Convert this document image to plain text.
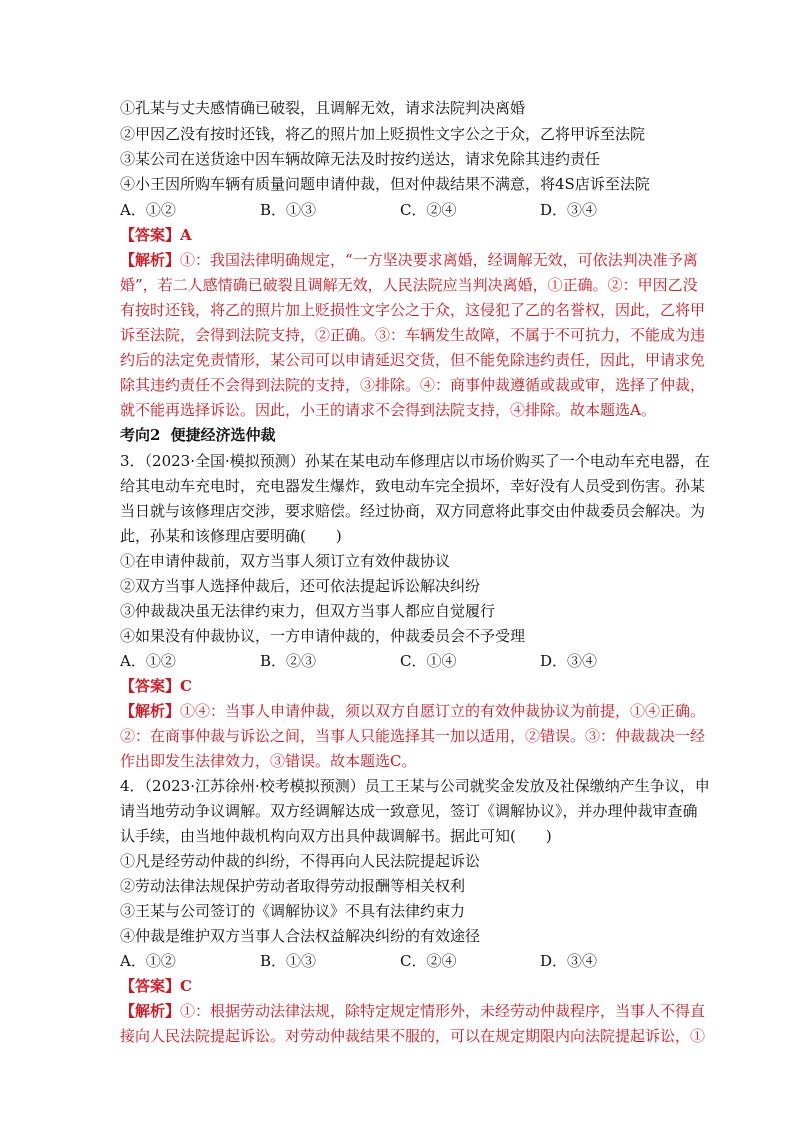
①孔某与丈夫感情确已破裂，且调解无效，请求法院判决离婚
②甲因乙没有按时还钱，将乙的照片加上贬损性文字公之于众，乙将甲诉至法院
③某公司在送货途中因车辆故障无法及时按约送达，请求免除其违约责任
④小王因所购车辆有质量问题申请仲裁，但对仲裁结果不满意，将4S店诉至法院
A．①②	B．①③	C．②④	D．③④
【答案】A
【解析】①：我国法律明确规定，“一方坚决要求离婚，经调解无效，可依法判决准予离
婚”，若二人感情确已破裂且调解无效，人民法院应当判决离婚，①正确。②：甲因乙没
有按时还钱，将乙的照片加上贬损性文字公之于众，这侵犯了乙的名誉权，因此，乙将甲
诉至法院，会得到法院支持，②正确。③：车辆发生故障，不属于不可抗力，不能成为违
约后的法定免责情形，某公司可以申请延迟交货，但不能免除违约责任，因此，甲请求免
除其违约责任不会得到法院的支持，③排除。④：商事仲裁遵循或裁或审，选择了仲裁，
就不能再选择诉讼。因此，小王的请求不会得到法院支持，④排除。故本题选A。
考向2 便捷经济选仲裁
3．（2023·全国·模拟预测）孙某在某电动车修理店以市场价购买了一个电动车充电器，在
给其电动车充电时，充电器发生爆炸，致电动车完全损坏，幸好没有人员受到伤害。孙某
当日就与该修理店交涉，要求赔偿。经过协商，双方同意将此事交由仲裁委员会解决。为
此，孙某和该修理店要明确(　　)
①在申请仲裁前，双方当事人须订立有效仲裁协议
②双方当事人选择仲裁后，还可依法提起诉讼解决纠纷
③仲裁裁决虽无法律约束力，但双方当事人都应自觉履行
④如果没有仲裁协议，一方申请仲裁的，仲裁委员会不予受理
A．①②	B．②③	C．①④	D．③④
【答案】C
【解析】①④：当事人申请仲裁，须以双方自愿订立的有效仲裁协议为前提，①④正确。
②：在商事仲裁与诉讼之间，当事人只能选择其一加以适用，②错误。③：仲裁裁决一经
作出即发生法律效力，③错误。故本题选C。
4．（2023·江苏徐州·校考模拟预测）员工王某与公司就奖金发放及社保缴纳产生争议，申
请当地劳动争议调解。双方经调解达成一致意见，签订《调解协议》，并办理仲裁审查确
认手续，由当地仲裁机构向双方出具仲裁调解书。据此可知(　　)
①凡是经劳动仲裁的纠纷，不得再向人民法院提起诉讼
②劳动法律法规保护劳动者取得劳动报酬等相关权利
③王某与公司签订的《调解协议》不具有法律约束力
④仲裁是维护双方当事人合法权益解决纠纷的有效途径
A．①②	B．①③	C．②④	D．③④
【答案】C
【解析】①：根据劳动法律法规，除特定规定情形外，未经劳动仲裁程序，当事人不得直
接向人民法院提起诉讼。对劳动仲裁结果不服的，可以在规定期限内向法院提起诉讼，①
